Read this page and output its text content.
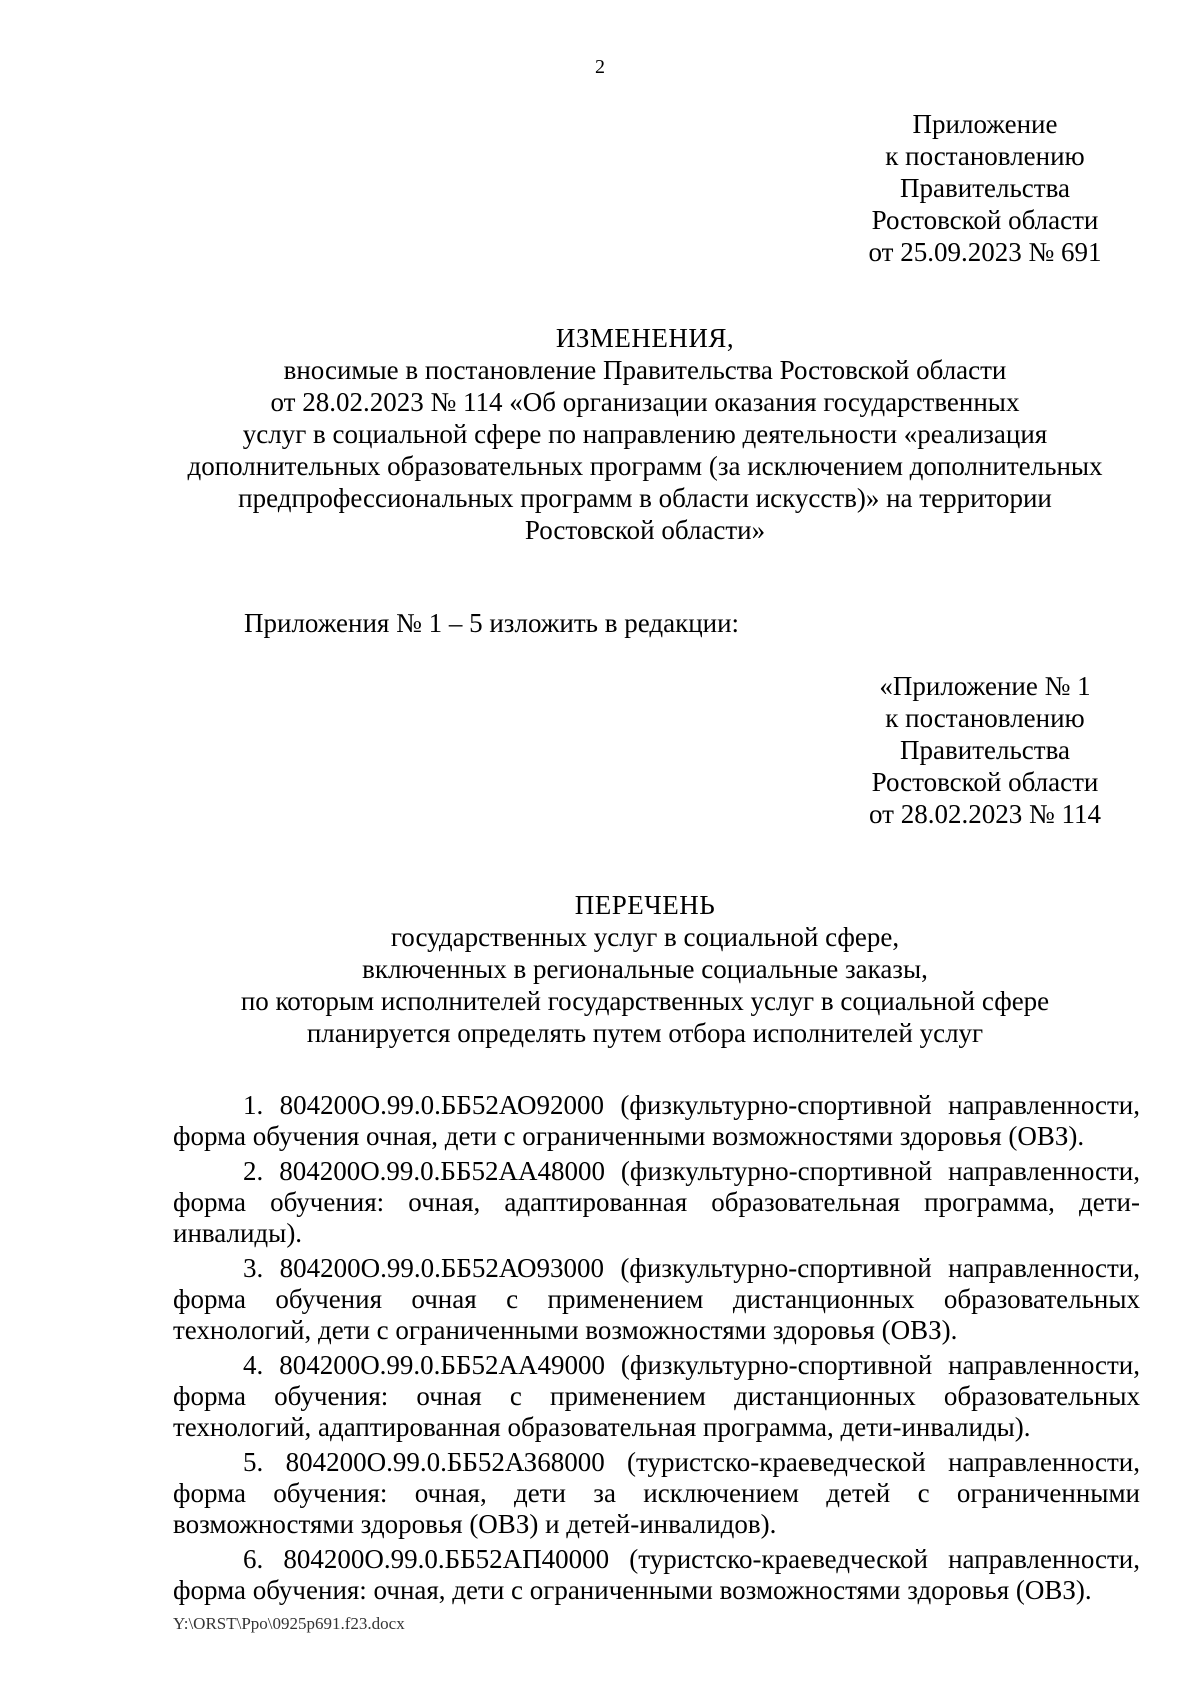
2
Приложение
к постановлению
Правительства
Ростовской области
от 25.09.2023 № 691
ИЗМЕНЕНИЯ,
вносимые в постановление Правительства Ростовской области
от 28.02.2023 № 114 «Об организации оказания государственных
услуг в социальной сфере по направлению деятельности «реализация
дополнительных образовательных программ (за исключением дополнительных
предпрофессиональных программ в области искусств)» на территории
Ростовской области»
Приложения № 1 – 5 изложить в редакции:
«Приложение № 1
к постановлению
Правительства
Ростовской области
от 28.02.2023 № 114
ПЕРЕЧЕНЬ
государственных услуг в социальной сфере,
включенных в региональные социальные заказы,
по которым исполнителей государственных услуг в социальной сфере
планируется определять путем отбора исполнителей услуг

1. 804200О.99.0.ББ52АО92000 (физкультурно-спортивной направленности, форма обучения очная, дети с ограниченными возможностями здоровья (ОВЗ).

2. 804200О.99.0.ББ52АА48000 (физкультурно-спортивной направленности, форма обучения: очная, адаптированная образовательная программа, дети-инвалиды).

3. 804200О.99.0.ББ52АО93000 (физкультурно-спортивной направленности, форма обучения очная с применением дистанционных образовательных технологий, дети с ограниченными возможностями здоровья (ОВЗ).

4. 804200О.99.0.ББ52АА49000 (физкультурно-спортивной направленности, форма обучения: очная с применением дистанционных образовательных технологий, адаптированная образовательная программа, дети-инвалиды).

5. 804200О.99.0.ББ52АЗ68000 (туристско-краеведческой направленности, форма обучения: очная, дети за исключением детей с ограниченными возможностями здоровья (ОВЗ) и детей-инвалидов).

6. 804200О.99.0.ББ52АП40000 (туристско-краеведческой направленности, форма обучения: очная, дети с ограниченными возможностями здоровья (ОВЗ).

Y:\ORST\Ppo\0925p691.f23.docx
